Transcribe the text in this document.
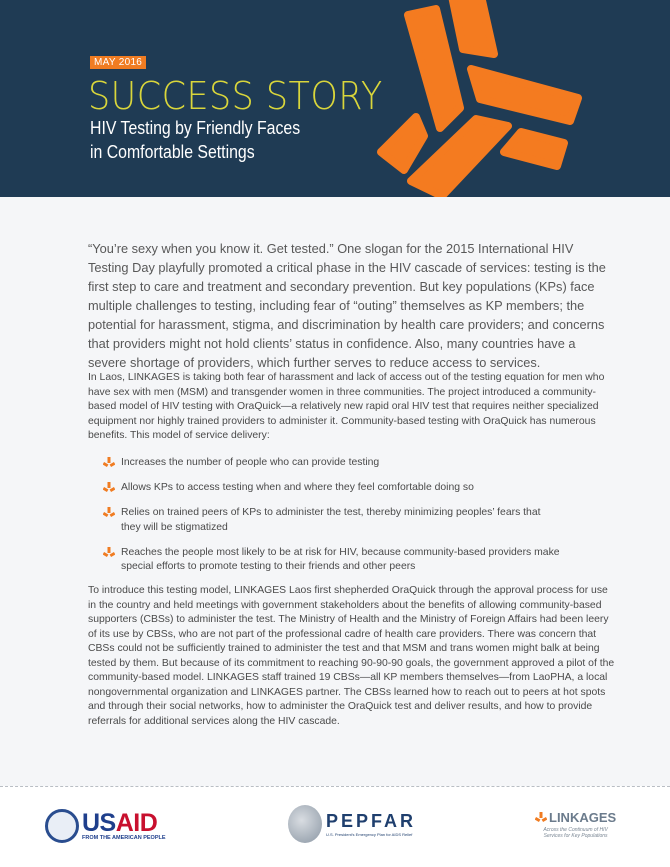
MAY 2016
SUCCESS STORY
HIV Testing by Friendly Faces
in Comfortable Settings

“You’re sexy when you know it. Get tested.” One slogan for the 2015 International HIV Testing Day playfully promoted a critical phase in the HIV cascade of services: testing is the first step to care and treatment and secondary prevention. But key populations (KPs) face multiple challenges to testing, including fear of “outing” themselves as KP members; the potential for harassment, stigma, and discrimination by health care providers; and concerns that providers might not hold clients’ status in confidence. Also, many countries have a severe shortage of providers, which further serves to reduce access to services.

In Laos, LINKAGES is taking both fear of harassment and lack of access out of the testing equation for men who have sex with men (MSM) and transgender women in three communities. The project introduced a community-based model of HIV testing with OraQuick—a relatively new rapid oral HIV test that requires neither specialized equipment nor highly trained providers to administer it. Community-based testing with OraQuick has numerous benefits. This model of service delivery:

Increases the number of people who can provide testing
Allows KPs to access testing when and where they feel comfortable doing so
Relies on trained peers of KPs to administer the test, thereby minimizing peoples’ fears that they will be stigmatized
Reaches the people most likely to be at risk for HIV, because community-based providers make special efforts to promote testing to their friends and other peers

To introduce this testing model, LINKAGES Laos first shepherded OraQuick through the approval process for use in the country and held meetings with government stakeholders about the benefits of allowing community-based supporters (CBSs) to administer the test. The Ministry of Health and the Ministry of Foreign Affairs had been leery of its use by CBSs, who are not part of the professional cadre of health care providers. There was concern that CBSs could not be sufficiently trained to administer the test and that MSM and trans women might balk at being tested by them. But because of its commitment to reaching 90-90-90 goals, the government approved a pilot of the community-based model. LINKAGES staff trained 19 CBSs—all KP members themselves—from LaoPHA, a local nongovernmental organization and LINKAGES partner. The CBSs learned how to reach out to peers at hot spots and through their social networks, how to administer the OraQuick test and deliver results, and how to provide referrals for additional services along the HIV cascade.

USAID
FROM THE AMERICAN PEOPLE
PEPFAR
U.S. President's Emergency Plan for AIDS Relief
LINKAGES
Across the Continuum of HIV
Services for Key Populations
